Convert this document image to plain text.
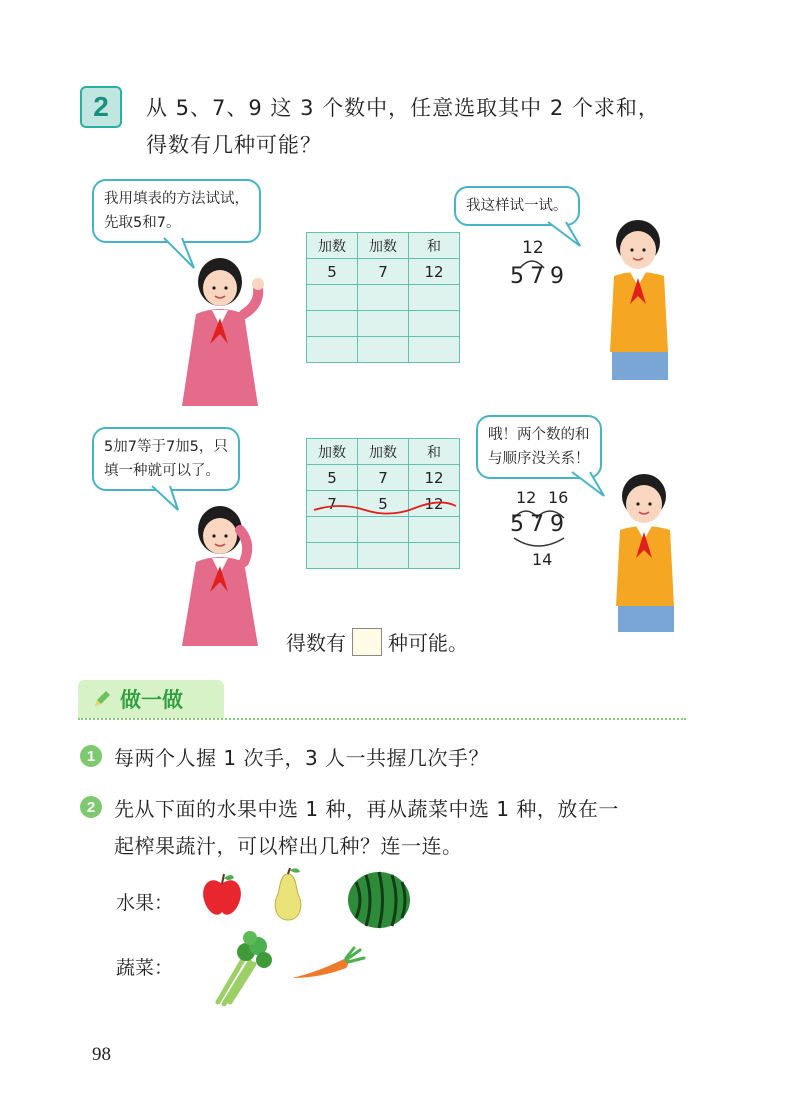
2	从 5、7、9 这 3 个数中，任意选取其中 2 个求和，
得数有几种可能？
我用填表的方法试试，
先取5和7。
加数	加数	和
5	7	12

我这样试一试。
12
579
5加7等于7加5，只
填一种就可以了。
加数	加数	和
5	7	12
7	5	12

哦！两个数的和
与顺序没关系！
12 16
579
14
得数有 种可能。
做一做
1 每两个人握 1 次手，3 人一共握几次手？
2 先从下面的水果中选 1 种，再从蔬菜中选 1 种，放在一
起榨果蔬汁，可以榨出几种？连一连。
水果：
蔬菜：
98
